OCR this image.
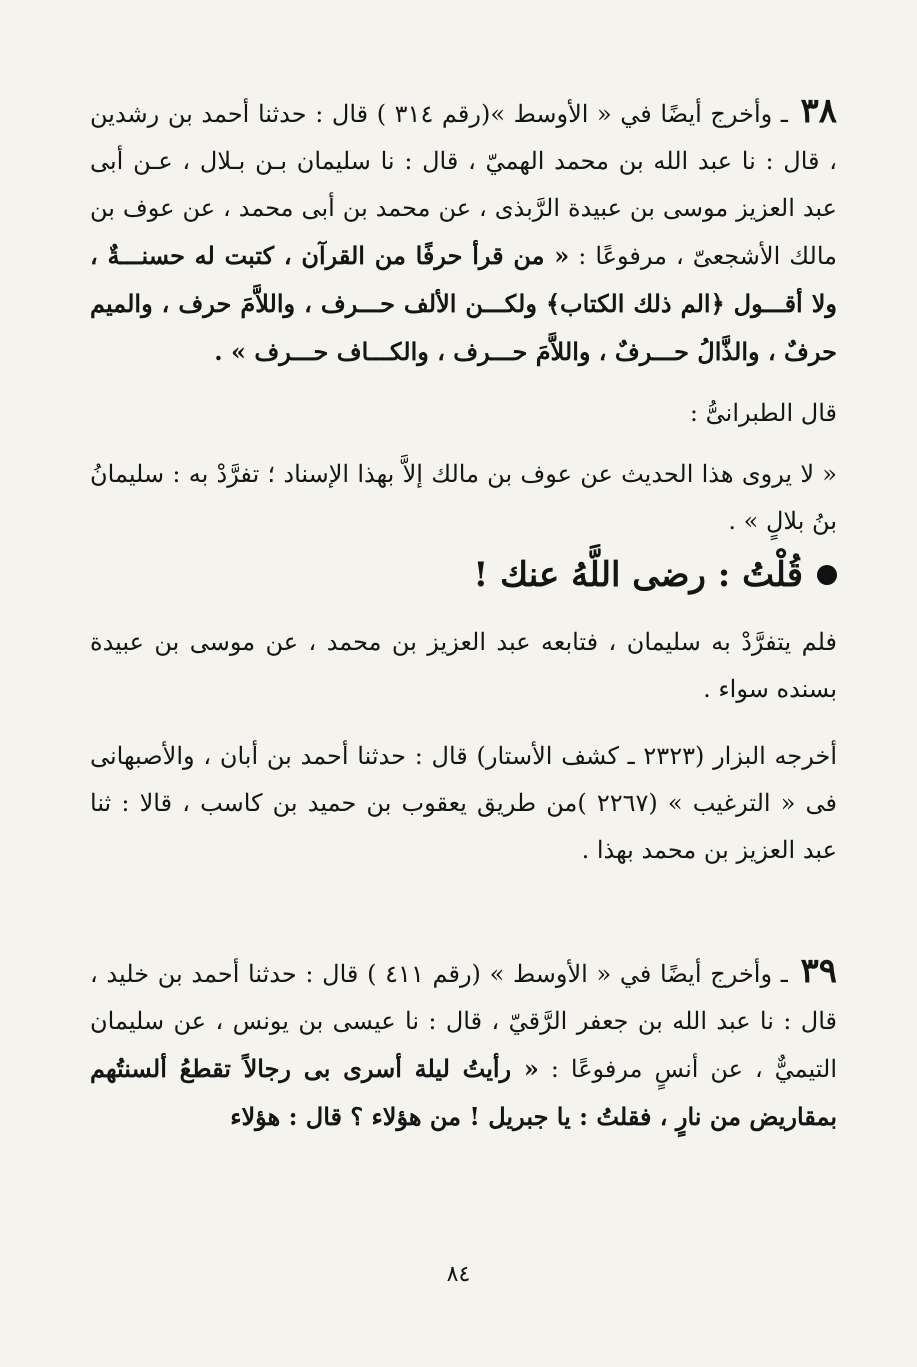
٣٨ ـ وأخرج أيضًا في « الأوسط »(رقم ٣١٤ ) قال : حدثنا أحمد بن رشدين ، قال : نا عبد الله بن محمد الهميّ ، قال : نا سليمان بـن بـلال ، عـن أبى عبد العزيز موسى بن عبيدة الرَّبذى ، عن محمد بن أبى محمد ، عن عوف بن مالك الأشجعىّ ، مرفوعًا : « من قرأ حرفًا من القرآن ، كتبت له حسنـــةٌ ، ولا أقـــول ﴿الم ذلك الكتاب﴾ ولكـــن الألف حـــرف ، واللاَّمَ حرف ، والميم حرفٌ ، والذَّالُ حـــرفٌ ، واللاَّمَ حـــرف ، والكـــاف حـــرف » .

قال الطبرانىُّ :

« لا يروى هذا الحديث عن عوف بن مالك إلاَّ بهذا الإسناد ؛ تفرَّدْ به : سليمانُ بنُ بلالٍ » .

قُلْتُ : رضى اللَّهُ عنك !

فلم يتفرَّدْ به سليمان ، فتابعه عبد العزيز بن محمد ، عن موسى بن عبيدة بسنده سواء .

أخرجه البزار (٢٣٢٣ ـ كشف الأستار) قال : حدثنا أحمد بن أبان ، والأصبهانى فى « الترغيب » (٢٢٦٧ )من طريق يعقوب بن حميد بن كاسب ، قالا : ثنا عبد العزيز بن محمد بهذا .

٣٩ ـ وأخرج أيضًا في « الأوسط » (رقم ٤١١ ) قال : حدثنا أحمد بن خليد ، قال : نا عبد الله بن جعفر الرَّقيّ ، قال : نا عيسى بن يونس ، عن سليمان التيميٌّ ، عن أنسٍ مرفوعًا : « رأيتُ ليلة أسرى بى رجالاً تقطعُ ألسنتُهم بمقاريض من نارٍ ، فقلتُ : يا جبريل ! من هؤلاء ؟ قال : هؤلاء

٨٤
